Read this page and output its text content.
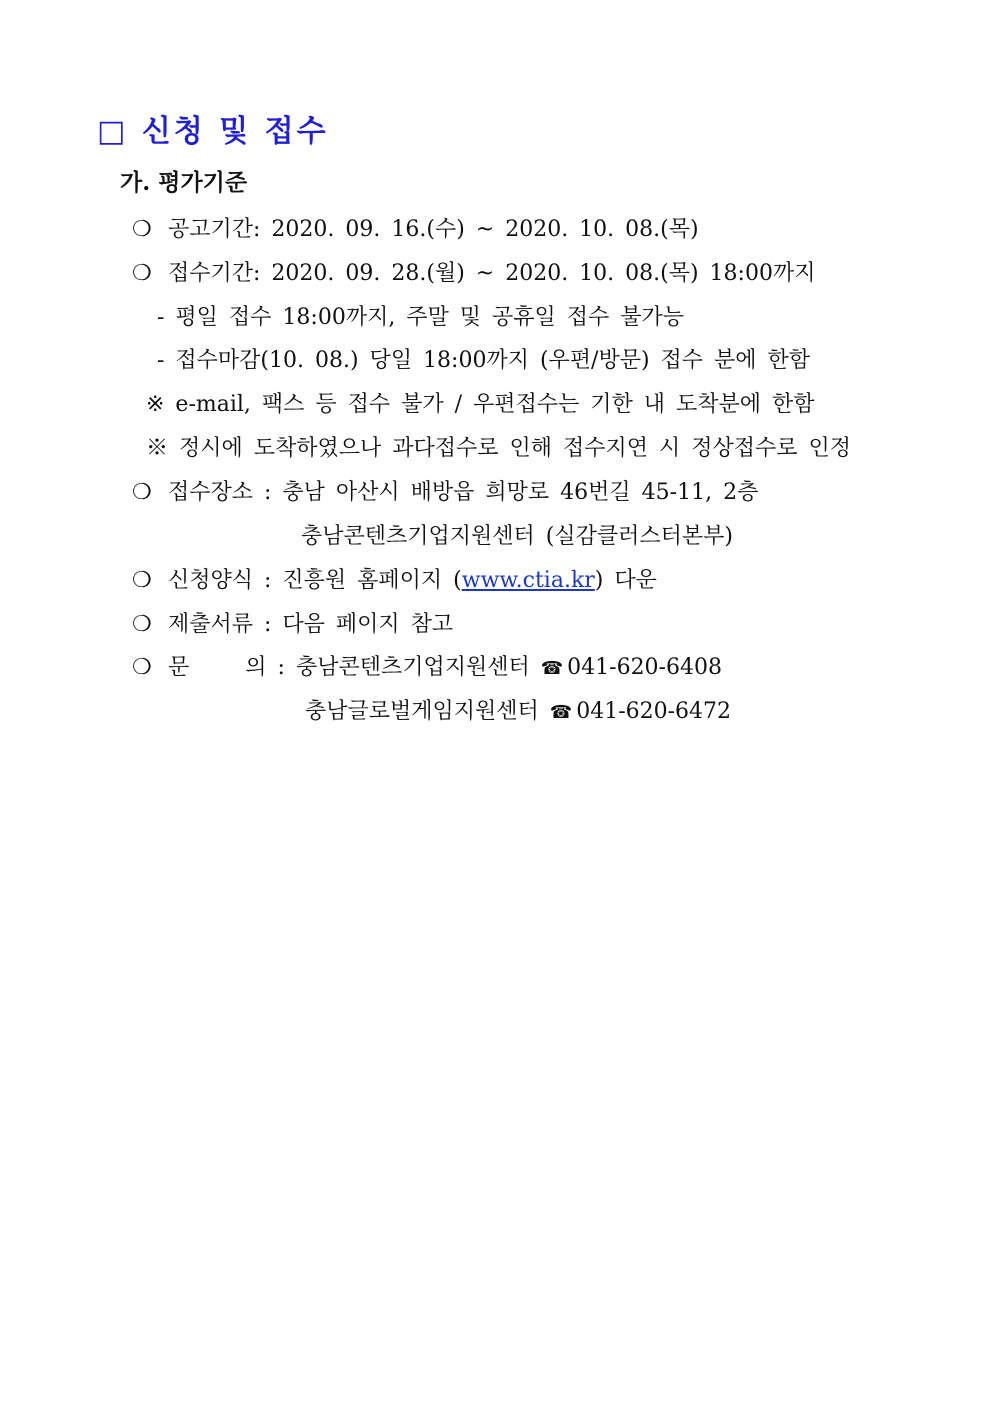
□ 신청 및 접수
가. 평가기준
❍ 공고기간: 2020. 09. 16.(수) ~ 2020. 10. 08.(목)
❍ 접수기간: 2020. 09. 28.(월) ~ 2020. 10. 08.(목) 18:00까지
- 평일 접수 18:00까지, 주말 및 공휴일 접수 불가능
- 접수마감(10. 08.) 당일 18:00까지 (우편/방문) 접수 분에 한함
※ e-mail, 팩스 등 접수 불가 / 우편접수는 기한 내 도착분에 한함
※ 정시에 도착하였으나 과다접수로 인해 접수지연 시 정상접수로 인정
❍ 접수장소 : 충남 아산시 배방읍 희망로 46번길 45-11, 2층
충남콘텐츠기업지원센터 (실감클러스터본부)
❍ 신청양식 : 진흥원 홈페이지 (www.ctia.kr) 다운
❍ 제출서류 : 다음 페이지 참고
❍ 문	의 : 충남콘텐츠기업지원센터 ☎ 041-620-6408
충남글로벌게임지원센터 ☎ 041-620-6472
